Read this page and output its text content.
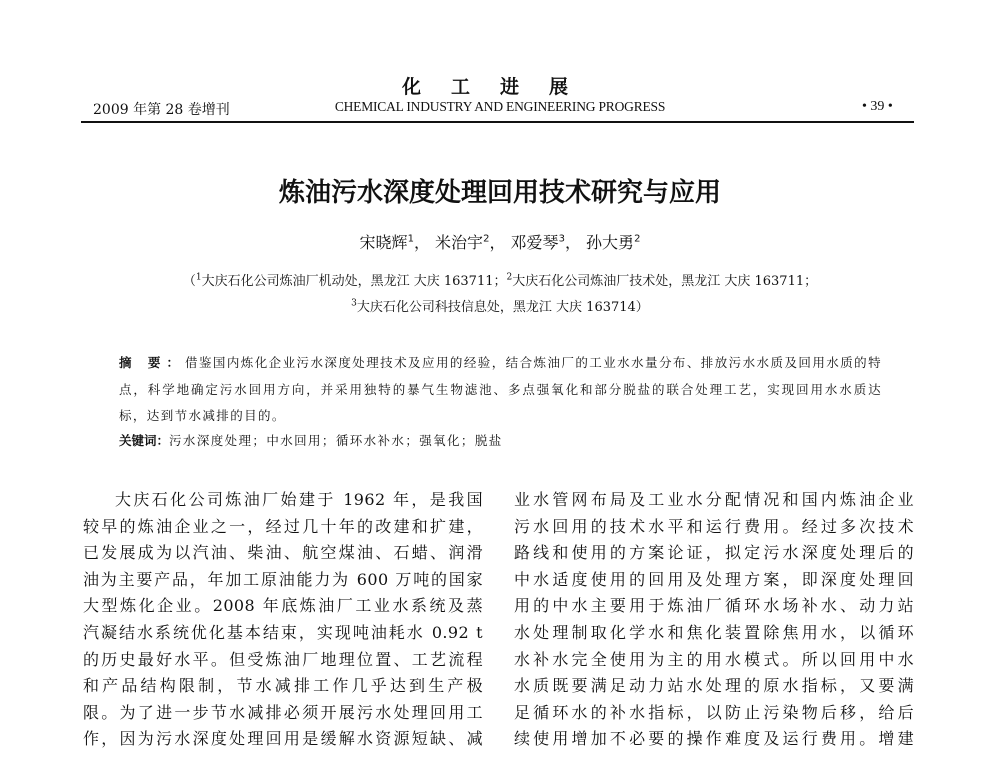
化工进展
2009 年第 28 卷增刊	CHEMICAL INDUSTRY AND ENGINEERING PROGRESS	• 39 •
炼油污水深度处理回用技术研究与应用
宋晓辉$^1$， 米治宇$^2$， 邓爱琴$^3$， 孙大勇$^2$
（$^1$大庆石化公司炼油厂机动处，黑龙江 大庆 163711；$^2$大庆石化公司炼油厂技术处，黑龙江 大庆 163711；
$^3$大庆石化公司科技信息处，黑龙江 大庆 163714）
摘 要：借鉴国内炼化企业污水深度处理技术及应用的经验，结合炼油厂的工业水水量分布、排放污水水质及回用水质的特点，科学地确定污水回用方向，并采用独特的暴气生物滤池、多点强氧化和部分脱盐的联合处理工艺，实现回用水水质达标，达到节水减排的目的。
关键词：污水深度处理；中水回用；循环水补水；强氧化；脱盐
大庆石化公司炼油厂始建于 1962 年，是我国
较早的炼油企业之一，经过几十年的改建和扩建，
已发展成为以汽油、柴油、航空煤油、石蜡、润滑
油为主要产品，年加工原油能力为 600 万吨的国家
大型炼化企业。2008 年底炼油厂工业水系统及蒸
汽凝结水系统优化基本结束，实现吨油耗水 0.92 t
的历史最好水平。但受炼油厂地理位置、工艺流程
和产品结构限制，节水减排工作几乎达到生产极
限。为了进一步节水减排必须开展污水处理回用工
作，因为污水深度处理回用是缓解水资源短缺、减
业水管网布局及工业水分配情况和国内炼油企业
污水回用的技术水平和运行费用。经过多次技术
路线和使用的方案论证，拟定污水深度处理后的
中水适度使用的回用及处理方案，即深度处理回
用的中水主要用于炼油厂循环水场补水、动力站
水处理制取化学水和焦化装置除焦用水，以循环
水补水完全使用为主的用水模式。所以回用中水
水质既要满足动力站水处理的原水指标，又要满
足循环水的补水指标，以防止污染物后移，给后
续使用增加不必要的操作难度及运行费用。增建
